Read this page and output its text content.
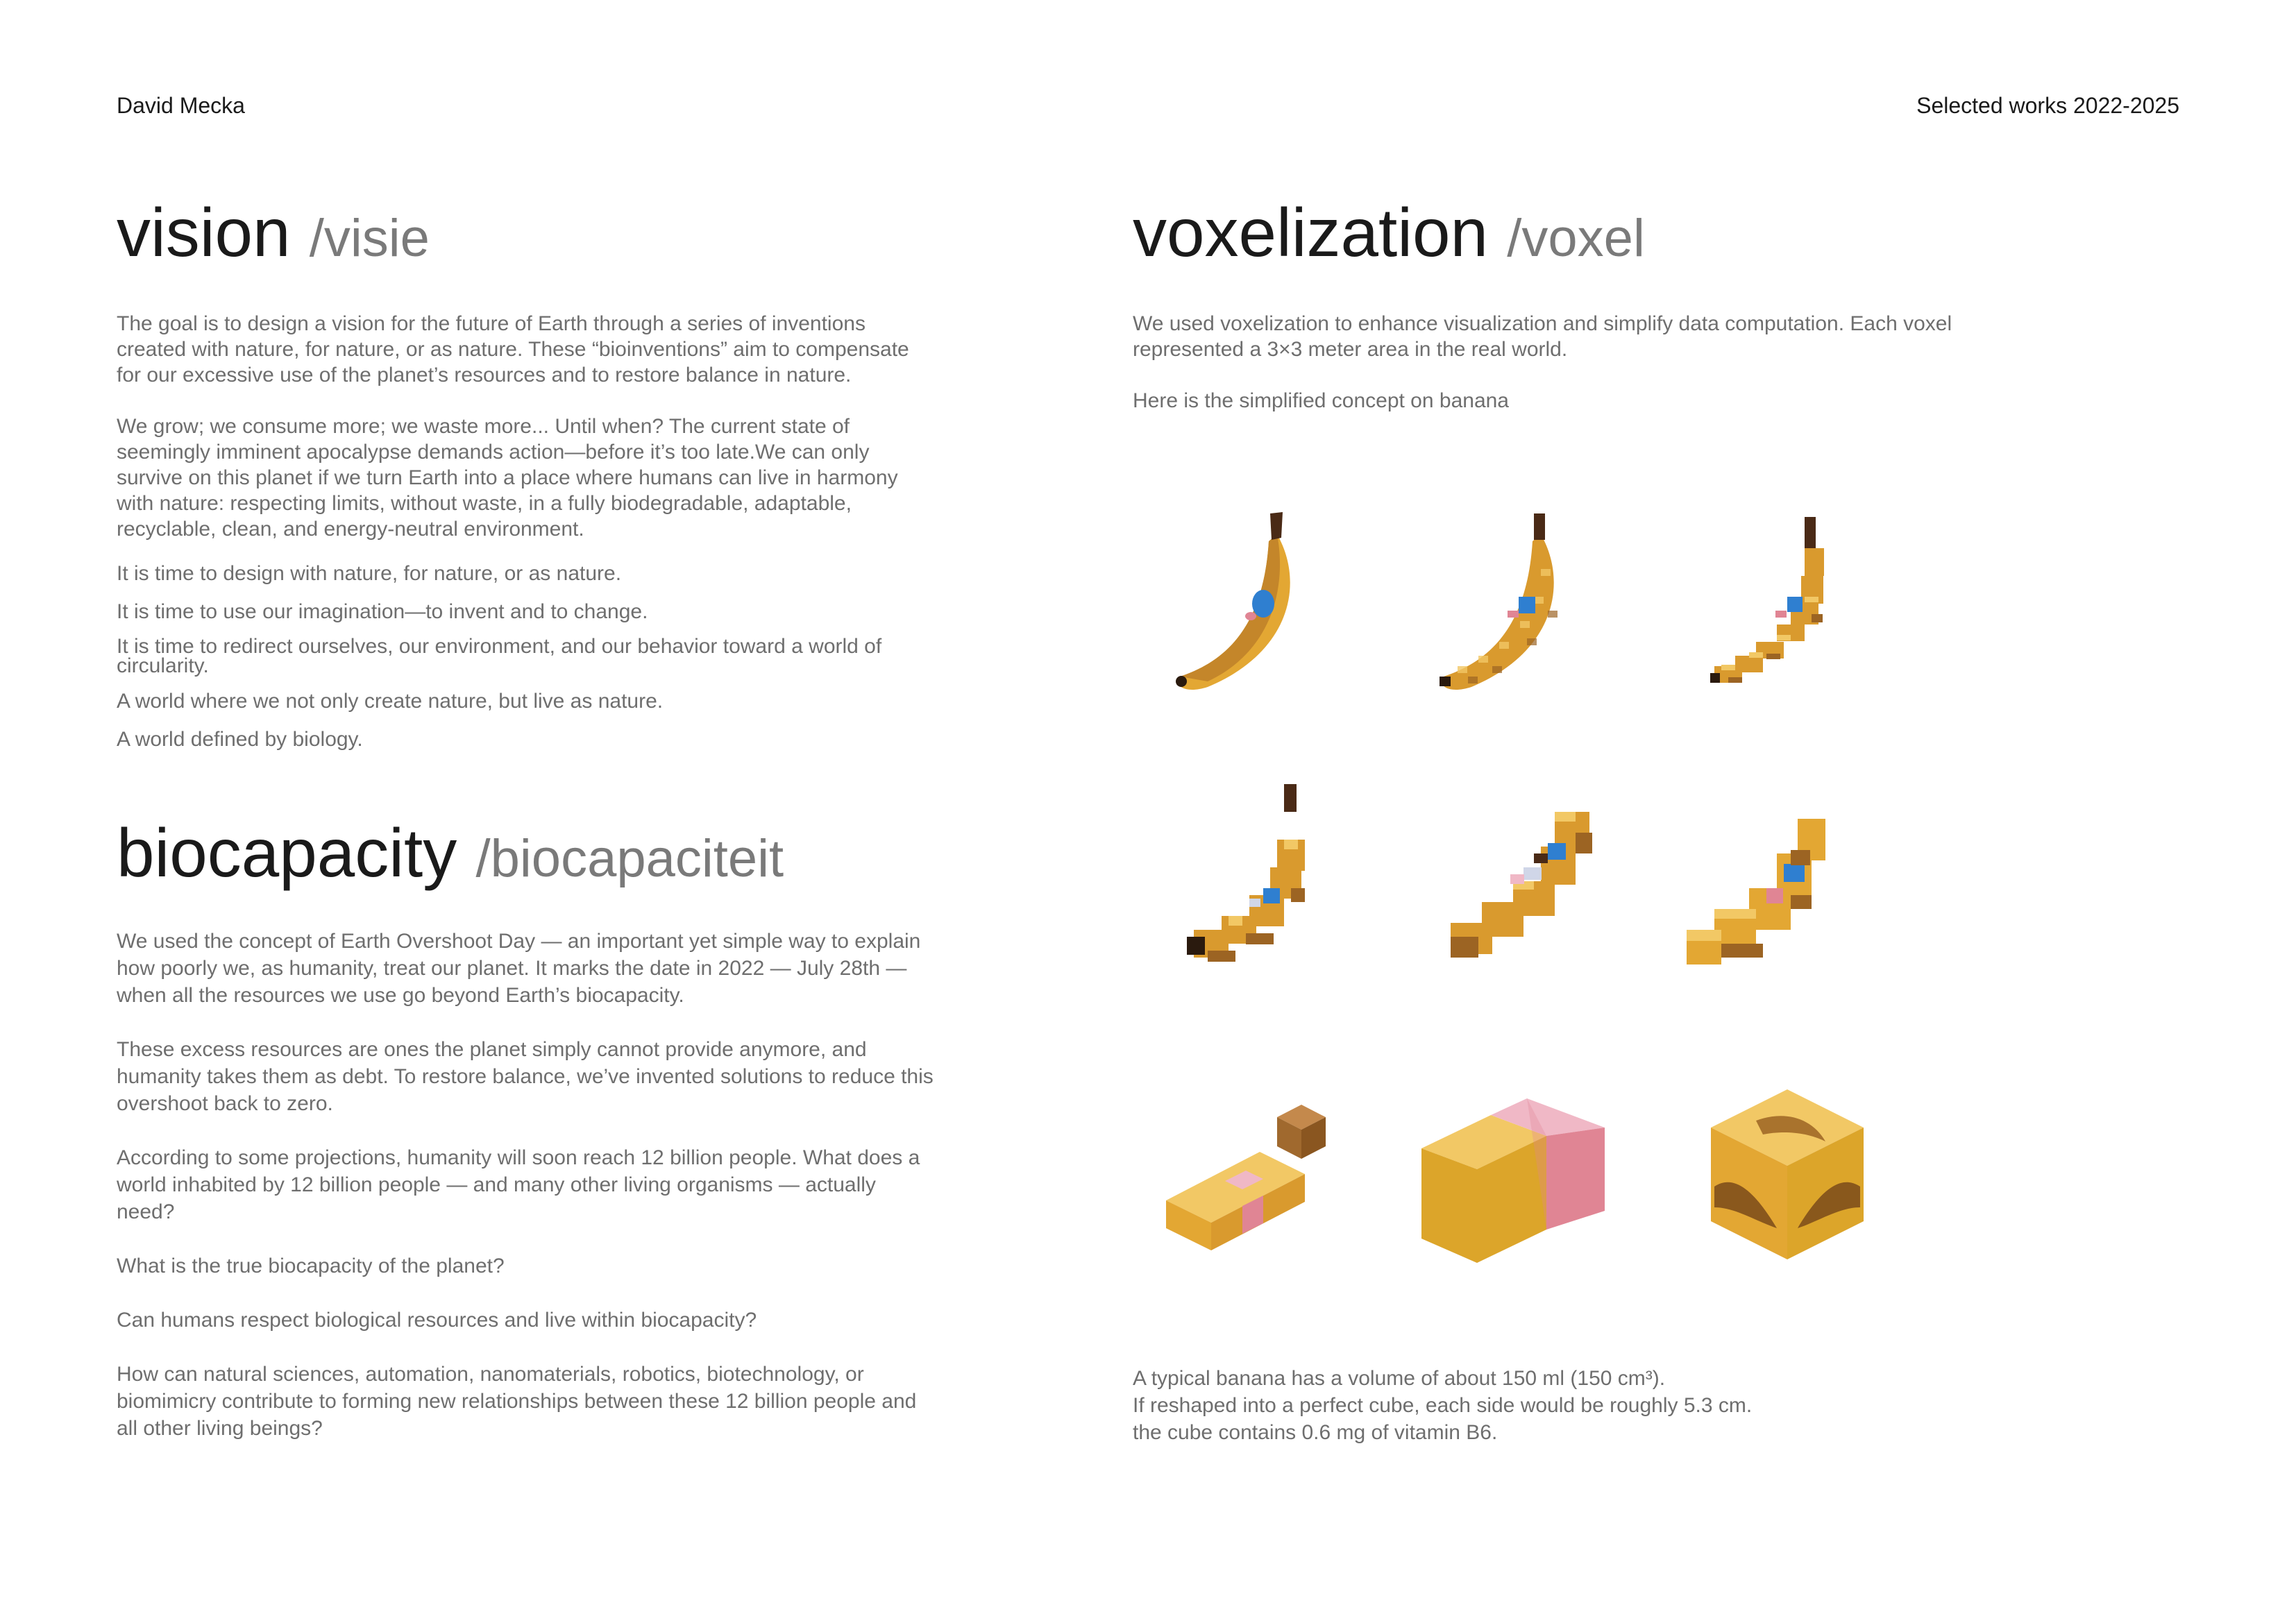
David Mecka	Selected works 2022-2025
vision /visie

The goal is to design a vision for the future of Earth through a series of inventions created with nature, for nature, or as nature. These “bioinventions” aim to compensate for our excessive use of the planet’s resources and to restore balance in nature.

We grow; we consume more; we waste more... Until when? The current state of seemingly imminent apocalypse demands action—before it’s too late.We can only survive on this planet if we turn Earth into a place where humans can live in harmony with nature: respecting limits, without waste, in a fully biodegradable, adaptable, recyclable, clean, and energy-neutral environment.

It is time to design with nature, for nature, or as nature.

It is time to use our imagination—to invent and to change.

It is time to redirect ourselves, our environment, and our behavior toward a world of circularity.

A world where we not only create nature, but live as nature.

A world defined by biology.

biocapacity /biocapaciteit

We used the concept of Earth Overshoot Day — an important yet simple way to explain how poorly we, as humanity, treat our planet. It marks the date in 2022 — July 28th — when all the resources we use go beyond Earth’s biocapacity.

These excess resources are ones the planet simply cannot provide anymore, and humanity takes them as debt. To restore balance, we’ve invented solutions to reduce this overshoot back to zero.

According to some projections, humanity will soon reach 12 billion people. What does a world inhabited by 12 billion people — and many other living organisms — actually need?

What is the true biocapacity of the planet?

Can humans respect biological resources and live within biocapacity?

How can natural sciences, automation, nanomaterials, robotics, biotechnology, or biomimicry contribute to forming new relationships between these 12 billion people and all other living beings?

voxelization /voxel

We used voxelization to enhance visualization and simplify data computation. Each voxel represented a 3×3 meter area in the real world.

Here is the simplified concept on banana

A typical banana has a volume of about 150 ml (150 cm³).

If reshaped into a perfect cube, each side would be roughly 5.3 cm.

the cube contains 0.6 mg of vitamin B6.
